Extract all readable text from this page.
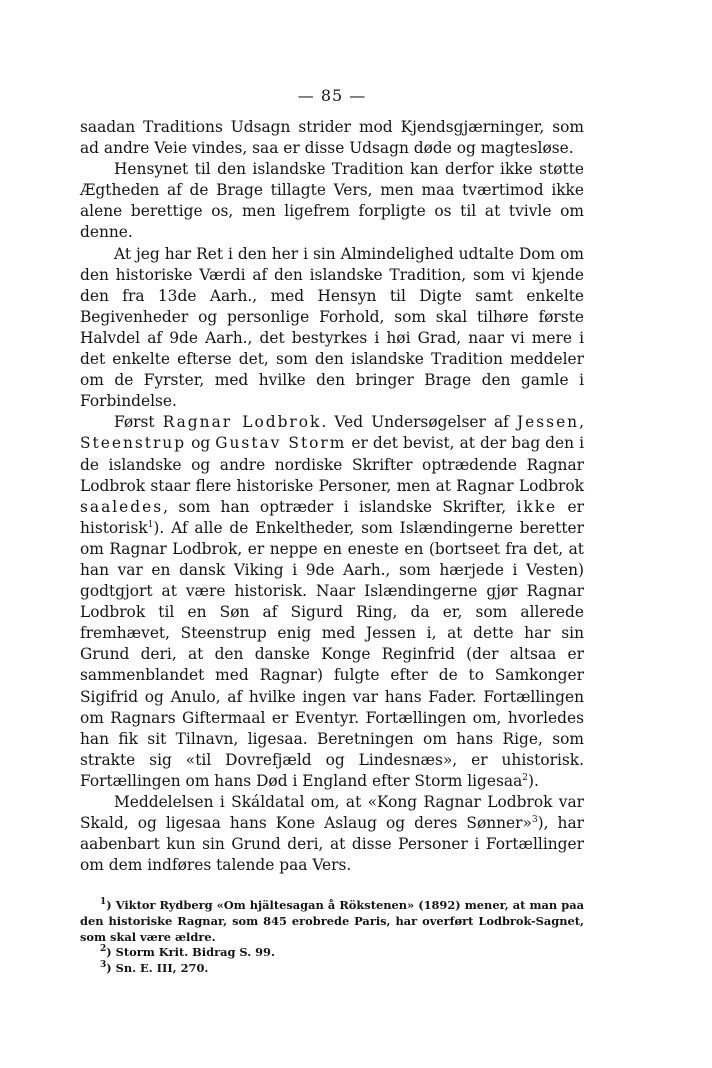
— 85 —

saadan Traditions Udsagn strider mod Kjendsgjærninger, som ad andre Veie vindes, saa er disse Udsagn døde og magtesløse.

Hensynet til den islandske Tradition kan derfor ikke støtte Ægtheden af de Brage tillagte Vers, men maa tværtimod ikke alene berettige os, men ligefrem forpligte os til at tvivle om denne.

At jeg har Ret i den her i sin Almindelighed udtalte Dom om den historiske Værdi af den islandske Tradition, som vi kjende den fra 13de Aarh., med Hensyn til Digte samt enkelte Begivenheder og personlige Forhold, som skal tilhøre første Halvdel af 9de Aarh., det bestyrkes i høi Grad, naar vi mere i det enkelte efterse det, som den islandske Tradition meddeler om de Fyrster, med hvilke den bringer Brage den gamle i Forbindelse.

Først Ragnar Lodbrok. Ved Undersøgelser af Jessen, Steenstrup og Gustav Storm er det bevist, at der bag den i de islandske og andre nordiske Skrifter optrædende Ragnar Lodbrok staar flere historiske Personer, men at Ragnar Lodbrok saaledes, som han optræder i islandske Skrifter, ikke er historisk$^1$). Af alle de Enkeltheder, som Islændingerne beretter om Ragnar Lodbrok, er neppe en eneste en (bortseet fra det, at han var en dansk Viking i 9de Aarh., som hærjede i Vesten) godtgjort at være historisk. Naar Islændingerne gjør Ragnar Lodbrok til en Søn af Sigurd Ring, da er, som allerede fremhævet, Steenstrup enig med Jessen i, at dette har sin Grund deri, at den danske Konge Reginfrid (der altsaa er sammenblandet med Ragnar) fulgte efter de to Samkonger Sigifrid og Anulo, af hvilke ingen var hans Fader. Fortællingen om Ragnars Giftermaal er Eventyr. Fortællingen om, hvorledes han fik sit Tilnavn, ligesaa. Beretningen om hans Rige, som strakte sig «til Dovrefjæld og Lindesnæs», er uhistorisk. Fortællingen om hans Død i England efter Storm ligesaa$^2$).

Meddelelsen i Skáldatal om, at «Kong Ragnar Lodbrok var Skald, og ligesaa hans Kone Aslaug og deres Sønner»$^3$), har aabenbart kun sin Grund deri, at disse Personer i Fortællinger om dem indføres talende paa Vers.

$^1$) Viktor Rydberg «Om hjältesagan å Rökstenen» (1892) mener, at man paa den historiske Ragnar, som 845 erobrede Paris, har overført Lodbrok-Sagnet, som skal være ældre.

$^2$) Storm Krit. Bidrag S. 99.

$^3$) Sn. E. III, 270.
